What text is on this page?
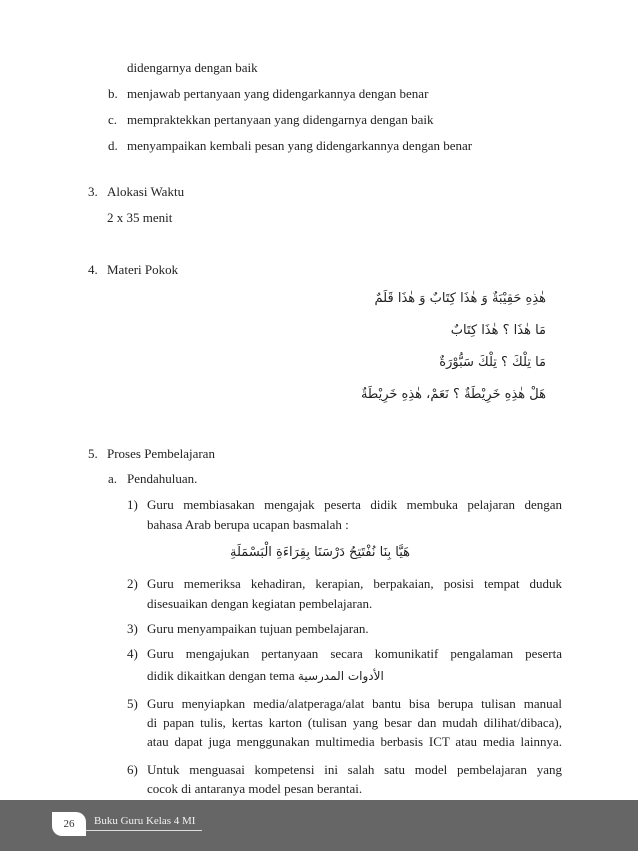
didengarnya dengan baik
b. menjawab pertanyaan yang didengarkannya dengan benar
c. mempraktekkan pertanyaan yang didengarnya dengan baik
d. menyampaikan kembali pesan yang didengarkannya dengan benar
3. Alokasi Waktu
2 x 35 menit
4. Materi Pokok
هٰذِهِ حَقِيْبَةٌ وَ هٰذَا كِتَابٌ وَ هٰذَا قَلَمٌ
مَا هٰذَا ؟ هٰذَا كِتَابٌ
مَا تِلْكَ ؟ تِلْكَ سَبُّوْرَةٌ
هَلْ هٰذِهِ خَرِيْطَةٌ ؟ نَعَمْ، هٰذِهِ خَرِيْطَةٌ
5. Proses Pembelajaran
a. Pendahuluan.
1) Guru membiasakan mengajak peserta didik membuka pelajaran dengan
bahasa Arab berupa ucapan basmalah :
هَيَّا بِنَا نُفْتَتِحُ دَرْسَنَا بِقِرَاءَةِ الْبَسْمَلَةِ
2) Guru memeriksa kehadiran, kerapian, berpakaian, posisi tempat duduk
disesuaikan dengan kegiatan pembelajaran.
3) Guru menyampaikan tujuan pembelajaran.
4) Guru mengajukan pertanyaan secara komunikatif pengalaman peserta
didik dikaitkan dengan tema الأدوات المدرسية
5) Guru menyiapkan media/alatperaga/alat bantu bisa berupa tulisan manual
di papan tulis, kertas karton (tulisan yang besar dan mudah dilihat/dibaca),
atau dapat juga menggunakan multimedia berbasis ICT atau media lainnya.
6) Untuk menguasai kompetensi ini salah satu model pembelajaran yang
cocok di antaranya model pesan berantai.
26	Buku Guru Kelas 4 MI
